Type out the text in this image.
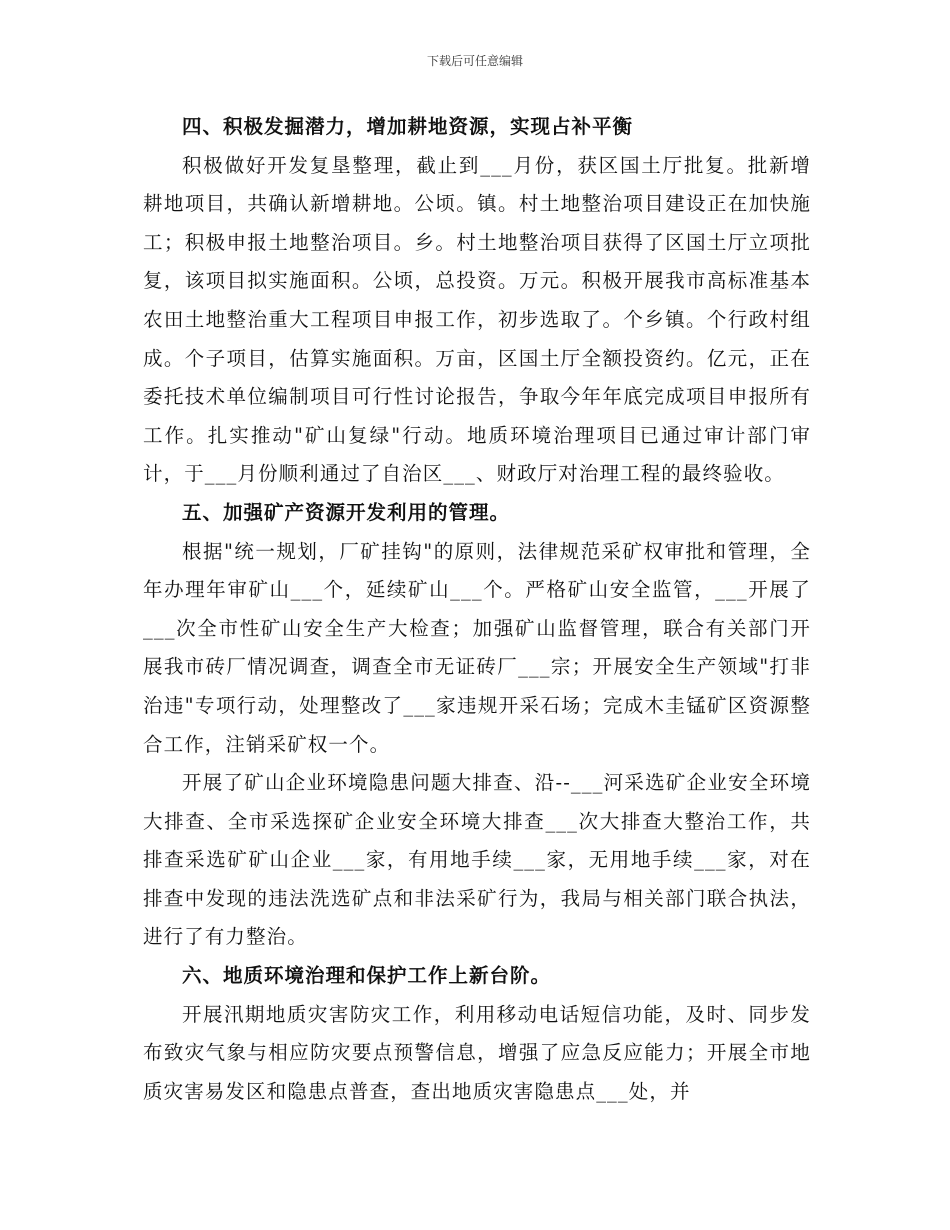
下载后可任意编辑
四、积极发掘潜力，增加耕地资源，实现占补平衡

积极做好开发复垦整理，截止到___月份，获区国土厅批复。批新增耕地项目，共确认新增耕地。公顷。镇。村土地整治项目建设正在加快施工；积极申报土地整治项目。乡。村土地整治项目获得了区国土厅立项批复，该项目拟实施面积。公顷，总投资。万元。积极开展我市高标准基本农田土地整治重大工程项目申报工作，初步选取了。个乡镇。个行政村组成。个子项目，估算实施面积。万亩，区国土厅全额投资约。亿元，正在委托技术单位编制项目可行性讨论报告，争取今年年底完成项目申报所有工作。扎实推动"矿山复绿"行动。地质环境治理项目已通过审计部门审计，于___月份顺利通过了自治区___、财政厅对治理工程的最终验收。

五、加强矿产资源开发利用的管理。

根据"统一规划，厂矿挂钩"的原则，法律规范采矿权审批和管理，全年办理年审矿山___个，延续矿山___个。严格矿山安全监管，___开展了___次全市性矿山安全生产大检查；加强矿山监督管理，联合有关部门开展我市砖厂情况调查，调查全市无证砖厂___宗；开展安全生产领域"打非治违"专项行动，处理整改了___家违规开采石场；完成木圭锰矿区资源整合工作，注销采矿权一个。

开展了矿山企业环境隐患问题大排查、沿--___河采选矿企业安全环境大排查、全市采选探矿企业安全环境大排查___次大排查大整治工作，共排查采选矿矿山企业___家，有用地手续___家，无用地手续___家，对在排查中发现的违法洗选矿点和非法采矿行为，我局与相关部门联合执法，进行了有力整治。

六、地质环境治理和保护工作上新台阶。

开展汛期地质灾害防灾工作，利用移动电话短信功能，及时、同步发布致灾气象与相应防灾要点预警信息，增强了应急反应能力；开展全市地质灾害易发区和隐患点普查，查出地质灾害隐患点___处，并
